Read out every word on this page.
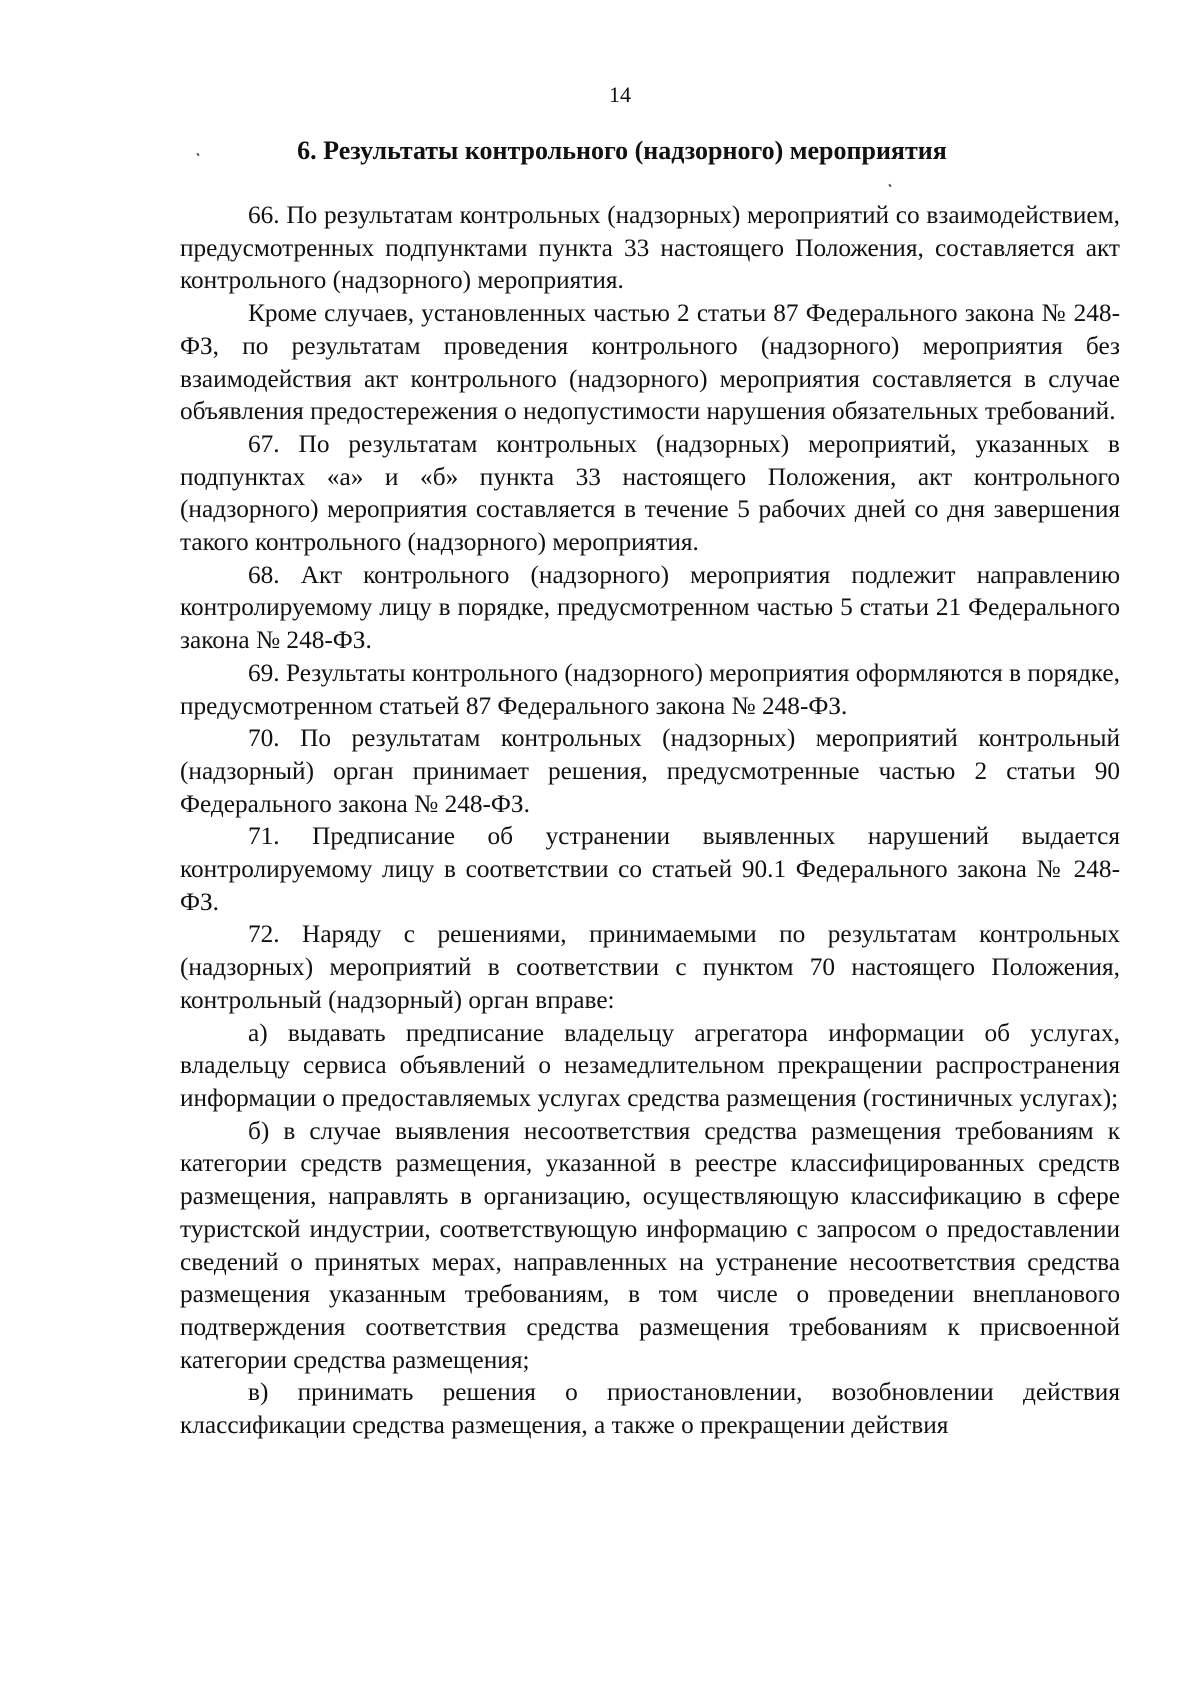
14
6. Результаты контрольного (надзорного) мероприятия

66. По результатам контрольных (надзорных) мероприятий со взаимодействием, предусмотренных подпунктами пункта 33 настоящего Положения, составляется акт контрольного (надзорного) мероприятия.

Кроме случаев, установленных частью 2 статьи 87 Федерального закона № 248-ФЗ, по результатам проведения контрольного (надзорного) мероприятия без взаимодействия акт контрольного (надзорного) мероприятия составляется в случае объявления предостережения о недопустимости нарушения обязательных требований.

67. По результатам контрольных (надзорных) мероприятий, указанных в подпунктах «а» и «б» пункта 33 настоящего Положения, акт контрольного (надзорного) мероприятия составляется в течение 5 рабочих дней со дня завершения такого контрольного (надзорного) мероприятия.

68. Акт контрольного (надзорного) мероприятия подлежит направлению контролируемому лицу в порядке, предусмотренном частью 5 статьи 21 Федерального закона № 248-ФЗ.

69. Результаты контрольного (надзорного) мероприятия оформляются в порядке, предусмотренном статьей 87 Федерального закона № 248-ФЗ.

70. По результатам контрольных (надзорных) мероприятий контрольный (надзорный) орган принимает решения, предусмотренные частью 2 статьи 90 Федерального закона № 248-ФЗ.

71. Предписание об устранении выявленных нарушений выдается контролируемому лицу в соответствии со статьей 90.1 Федерального закона № 248-ФЗ.

72. Наряду с решениями, принимаемыми по результатам контрольных (надзорных) мероприятий в соответствии с пунктом 70 настоящего Положения, контрольный (надзорный) орган вправе:

а) выдавать предписание владельцу агрегатора информации об услугах, владельцу сервиса объявлений о незамедлительном прекращении распространения информации о предоставляемых услугах средства размещения (гостиничных услугах);

б) в случае выявления несоответствия средства размещения требованиям к категории средств размещения, указанной в реестре классифицированных средств размещения, направлять в организацию, осуществляющую классификацию в сфере туристской индустрии, соответствующую информацию с запросом о предоставлении сведений о принятых мерах, направленных на устранение несоответствия средства размещения указанным требованиям, в том числе о проведении внепланового подтверждения соответствия средства размещения требованиям к присвоенной категории средства размещения;

в) принимать решения о приостановлении, возобновлении действия классификации средства размещения, а также о прекращении действия
